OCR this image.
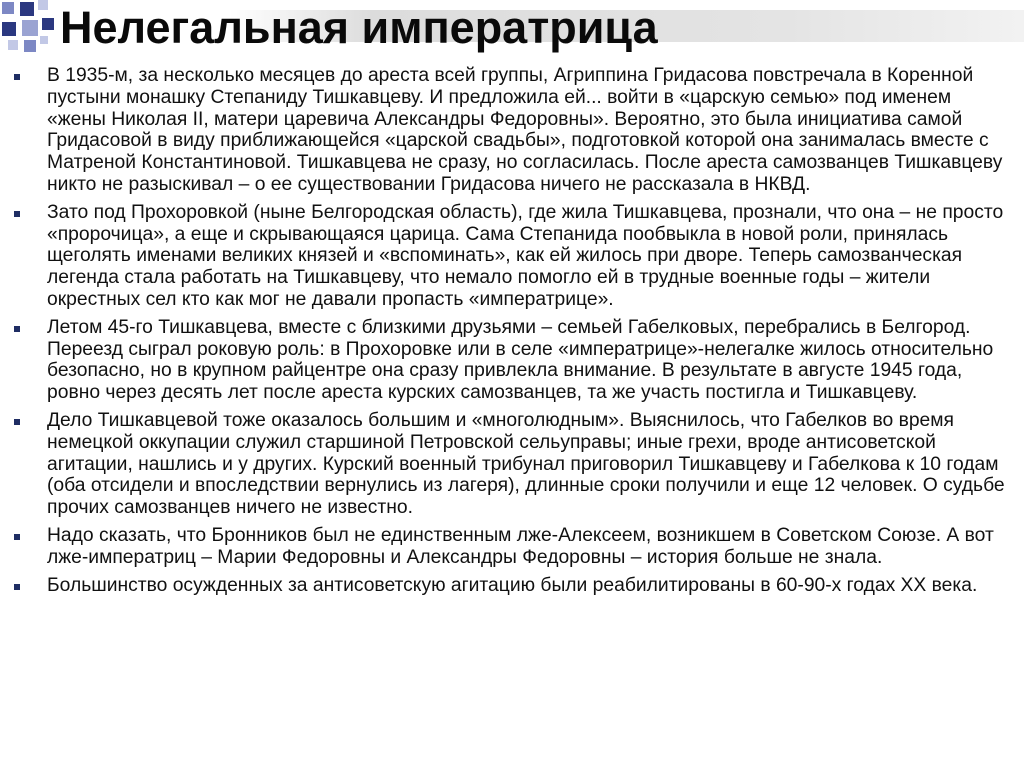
Нелегальная императрица
В 1935-м, за несколько месяцев до ареста всей группы, Агриппина Гридасова повстречала в Коренной пустыни монашку Степаниду Тишкавцеву. И предложила ей... войти в «царскую семью» под именем «жены Николая II, матери царевича Александры Федоровны». Вероятно, это была инициатива самой Гридасовой в виду приближающейся «царской свадьбы», подготовкой которой она занималась вместе с Матреной Константиновой. Тишкавцева не сразу, но согласилась. После ареста самозванцев Тишкавцеву никто не разыскивал – о ее существовании Гридасова ничего не рассказала в НКВД.
Зато под Прохоровкой (ныне Белгородская область), где жила Тишкавцева, прознали, что она – не просто «пророчица», а еще и скрывающаяся царица. Сама Степанида пообвыкла в новой роли, принялась щеголять именами великих князей и «вспоминать», как ей жилось при дворе. Теперь самозванческая легенда стала работать на Тишкавцеву, что немало помогло ей в трудные военные годы – жители окрестных сел кто как мог не давали пропасть «императрице».
Летом 45-го Тишкавцева, вместе с близкими друзьями – семьей Габелковых, перебрались в Белгород. Переезд сыграл роковую роль: в Прохоровке или в селе «императрице»-нелегалке жилось относительно безопасно, но в крупном райцентре она сразу привлекла внимание. В результате в августе 1945 года, ровно через десять лет после ареста курских самозванцев, та же участь постигла и Тишкавцеву.
Дело Тишкавцевой тоже оказалось большим и «многолюдным». Выяснилось, что Габелков во время немецкой оккупации служил старшиной Петровской сельуправы; иные грехи, вроде антисоветской агитации, нашлись и у других. Курский военный трибунал приговорил Тишкавцеву и Габелкова к 10 годам (оба отсидели и впоследствии вернулись из лагеря), длинные сроки получили и еще 12 человек. О судьбе прочих самозванцев ничего не известно.
Надо сказать, что Бронников был не единственным лже-Алексеем, возникшем в Советском Союзе. А вот лже-императриц – Марии Федоровны и Александры Федоровны – история больше не знала.
Большинство осужденных за антисоветскую агитацию были реабилитированы в 60-90-х годах XX века.
